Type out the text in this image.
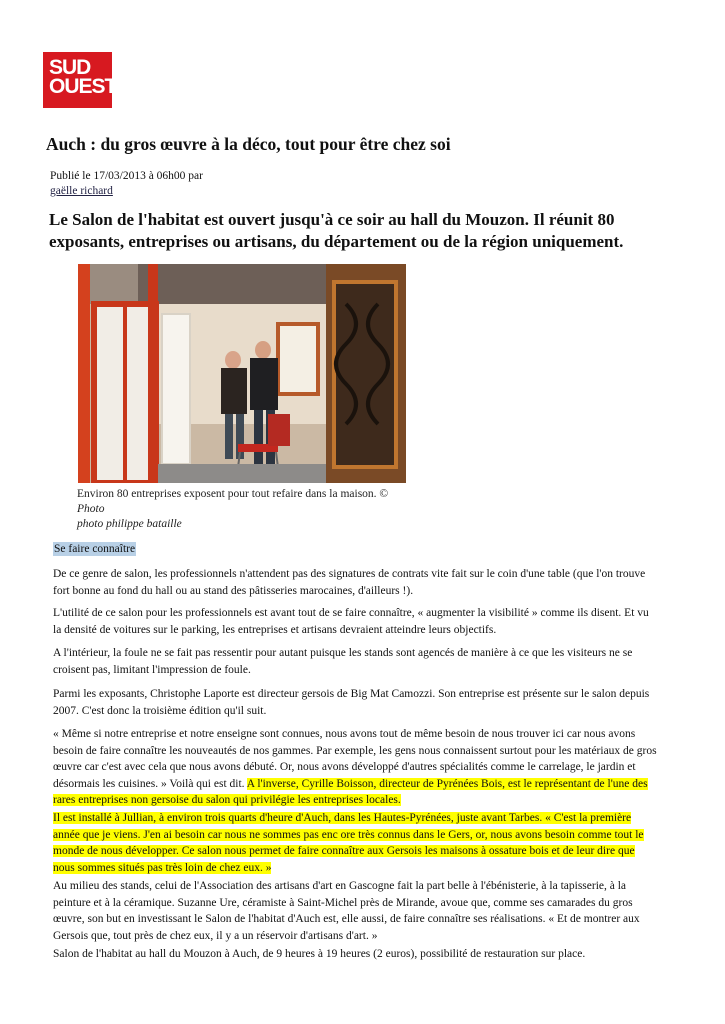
SUD
OUEST
Auch : du gros œuvre à la déco, tout pour être chez soi
Publié le 17/03/2013 à 06h00 par
gaëlle richard

Le Salon de l'habitat est ouvert jusqu'à ce soir au hall du Mouzon. Il réunit 80 exposants, entreprises ou artisans, du département ou de la région uniquement.

Environ 80 entreprises exposent pour tout refaire dans la maison. © Photo
photo philippe bataille
Se faire connaître

De ce genre de salon, les professionnels n'attendent pas des signatures de contrats vite fait sur le coin d'une table (que l'on trouve fort bonne au fond du hall ou au stand des pâtisseries marocaines, d'ailleurs !).

L'utilité de ce salon pour les professionnels est avant tout de se faire connaître, « augmenter la visibilité » comme ils disent. Et vu la densité de voitures sur le parking, les entreprises et artisans devraient atteindre leurs objectifs.

A l'intérieur, la foule ne se fait pas ressentir pour autant puisque les stands sont agencés de manière à ce que les visiteurs ne se croisent pas, limitant l'impression de foule.

Parmi les exposants, Christophe Laporte est directeur gersois de Big Mat Camozzi. Son entreprise est présente sur le salon depuis 2007. C'est donc la troisième édition qu'il suit.

« Même si notre entreprise et notre enseigne sont connues, nous avons tout de même besoin de nous trouver ici car nous avons besoin de faire connaître les nouveautés de nos gammes. Par exemple, les gens nous connaissent surtout pour les matériaux de gros œuvre car c'est avec cela que nous avons débuté. Or, nous avons développé d'autres spécialités comme le carrelage, le jardin et désormais les cuisines. » Voilà qui est dit. A l'inverse, Cyrille Boisson, directeur de Pyrénées Bois, est le représentant de l'une des rares entreprises non gersoise du salon qui privilégie les entreprises locales.

Il est installé à Jullian, à environ trois quarts d'heure d'Auch, dans les Hautes-Pyrénées, juste avant Tarbes. « C'est la première année que je viens. J'en ai besoin car nous ne sommes pas enc ore très connus dans le Gers, or, nous avons besoin comme tout le monde de nous développer. Ce salon nous permet de faire connaître aux Gersois les maisons à ossature bois et de leur dire que nous sommes situés pas très loin de chez eux. »

Au milieu des stands, celui de l'Association des artisans d'art en Gascogne fait la part belle à l'ébénisterie, à la tapisserie, à la peinture et à la céramique. Suzanne Ure, céramiste à Saint-Michel près de Mirande, avoue que, comme ses camarades du gros œuvre, son but en investissant le Salon de l'habitat d'Auch est, elle aussi, de faire connaître ses réalisations. « Et de montrer aux Gersois que, tout près de chez eux, il y a un réservoir d'artisans d'art. »

Salon de l'habitat au hall du Mouzon à Auch, de 9 heures à 19 heures (2 euros), possibilité de restauration sur place.
